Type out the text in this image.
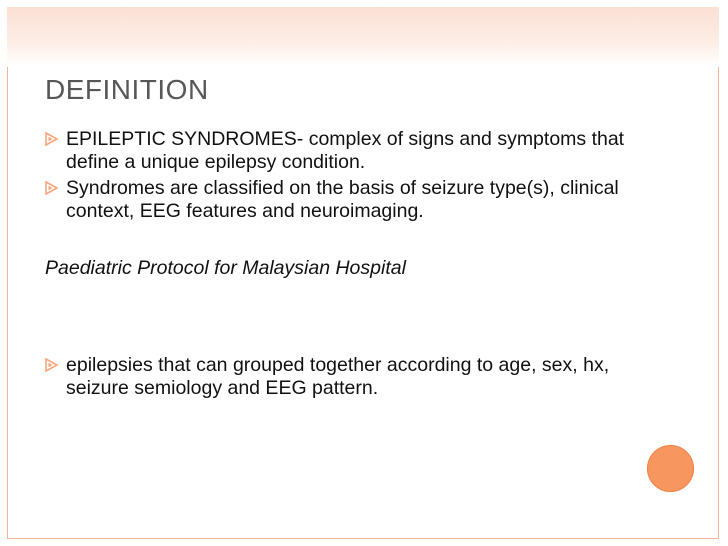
DEFINITION
EPILEPTIC SYNDROMES- complex of signs and symptoms that define a unique epilepsy condition.
Syndromes are classified on the basis of seizure type(s), clinical context, EEG features and neuroimaging.
Paediatric Protocol for Malaysian Hospital
epilepsies that can grouped together according to age, sex, hx, seizure semiology and EEG pattern.
